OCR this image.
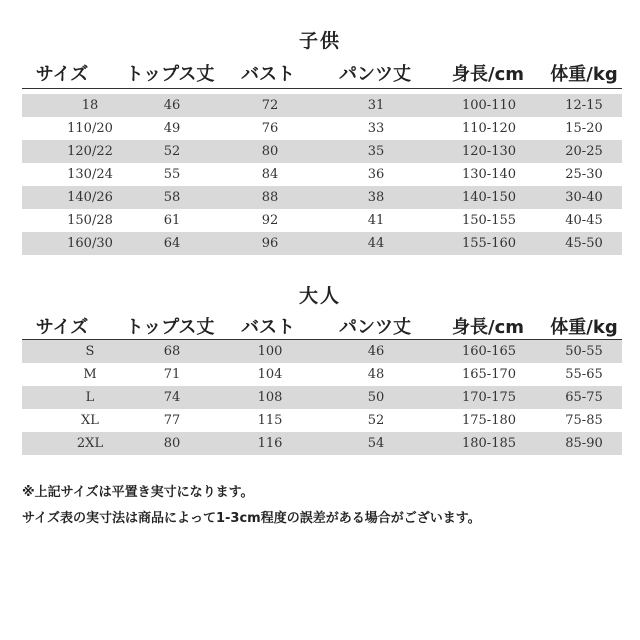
子供
サイズ トップス丈 バスト パンツ丈 身長/cm 体重/kg
18	46	72	31	100-110	12-15
110/20	49	76	33	110-120	15-20
120/22	52	80	35	120-130	20-25
130/24	55	84	36	130-140	25-30
140/26	58	88	38	140-150	30-40
150/28	61	92	41	150-155	40-45
160/30	64	96	44	155-160	45-50
大人
サイズ トップス丈 バスト パンツ丈 身長/cm 体重/kg
S	68	100	46	160-165	50-55
M	71	104	48	165-170	55-65
L	74	108	50	170-175	65-75
XL	77	115	52	175-180	75-85
2XL	80	116	54	180-185	85-90
※上記サイズは平置き実寸になります。
サイズ表の実寸法は商品によって1-3cm程度の誤差がある場合がございます。
